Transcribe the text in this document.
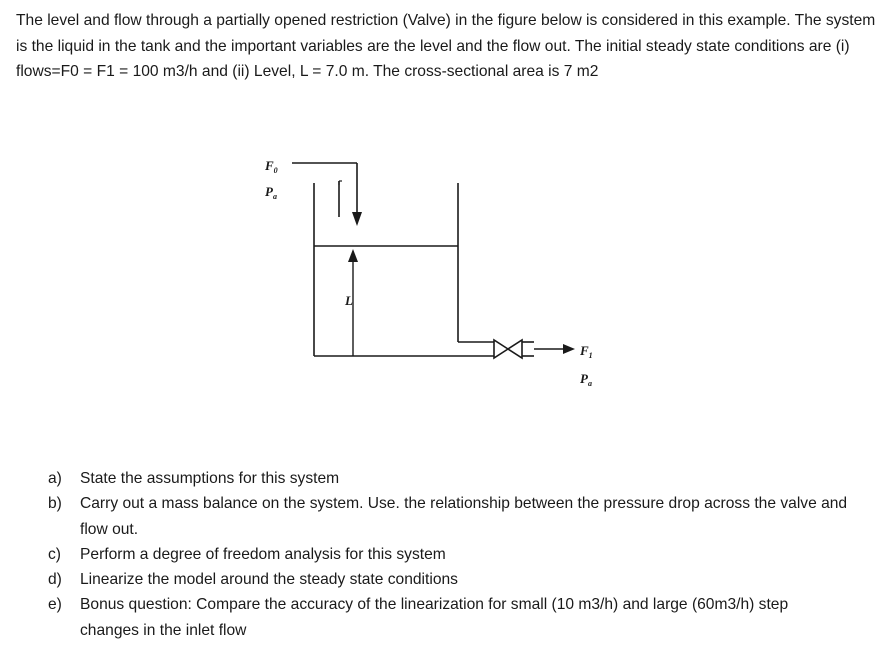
The level and flow through a partially opened restriction (Valve) in the figure below is considered in this example. The system is the liquid in the tank and the important variables are the level and the flow out. The initial steady state conditions are (i) flows=F0 = F1 = 100 m3/h and (ii) Level, L = 7.0 m. The cross-sectional area is 7 m2

$F_0$
$P_a$
L
$F_1$
$P_a$
a) State the assumptions for this system
b) Carry out a mass balance on the system. Use. the relationship between the pressure drop across the valve and flow out.
c) Perform a degree of freedom analysis for this system
d) Linearize the model around the steady state conditions
e) Bonus question: Compare the accuracy of the linearization for small (10 m3/h) and large (60m3/h) step changes in the inlet flow
